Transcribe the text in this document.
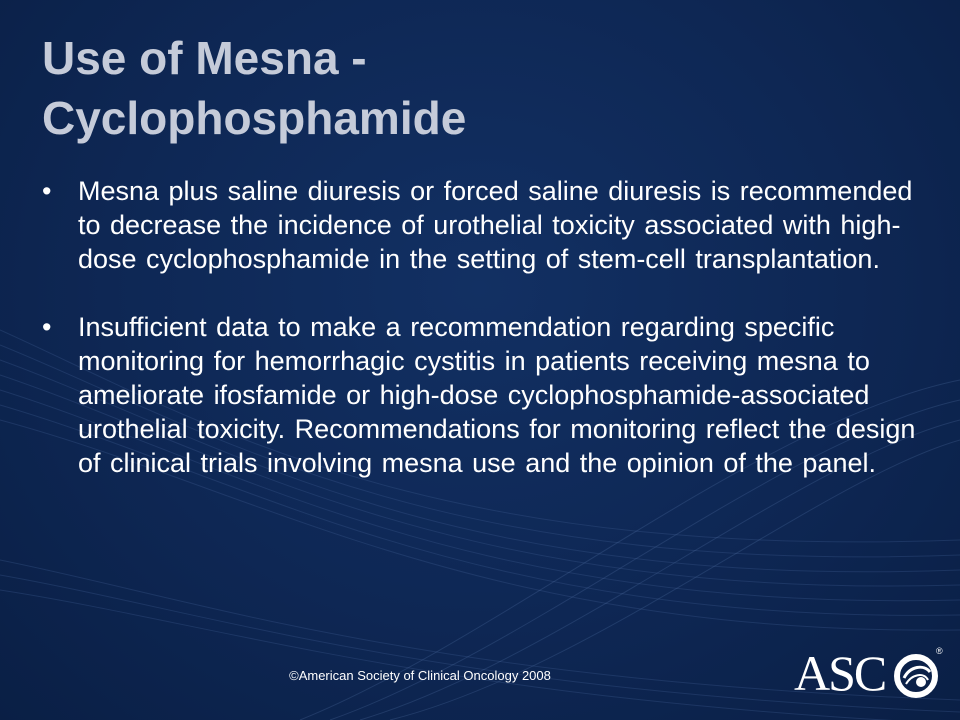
Use of Mesna -
Cyclophosphamide
• Mesna plus saline diuresis or forced saline diuresis is recommended to decrease the incidence of urothelial toxicity associated with high-dose cyclophosphamide in the setting of stem-cell transplantation.
• Insufficient data to make a recommendation regarding specific monitoring for hemorrhagic cystitis in patients receiving mesna to ameliorate ifosfamide or high-dose cyclophosphamide-associated urothelial toxicity. Recommendations for monitoring reflect the design of clinical trials involving mesna use and the opinion of the panel.
©American Society of Clinical Oncology 2008	ASC	®
